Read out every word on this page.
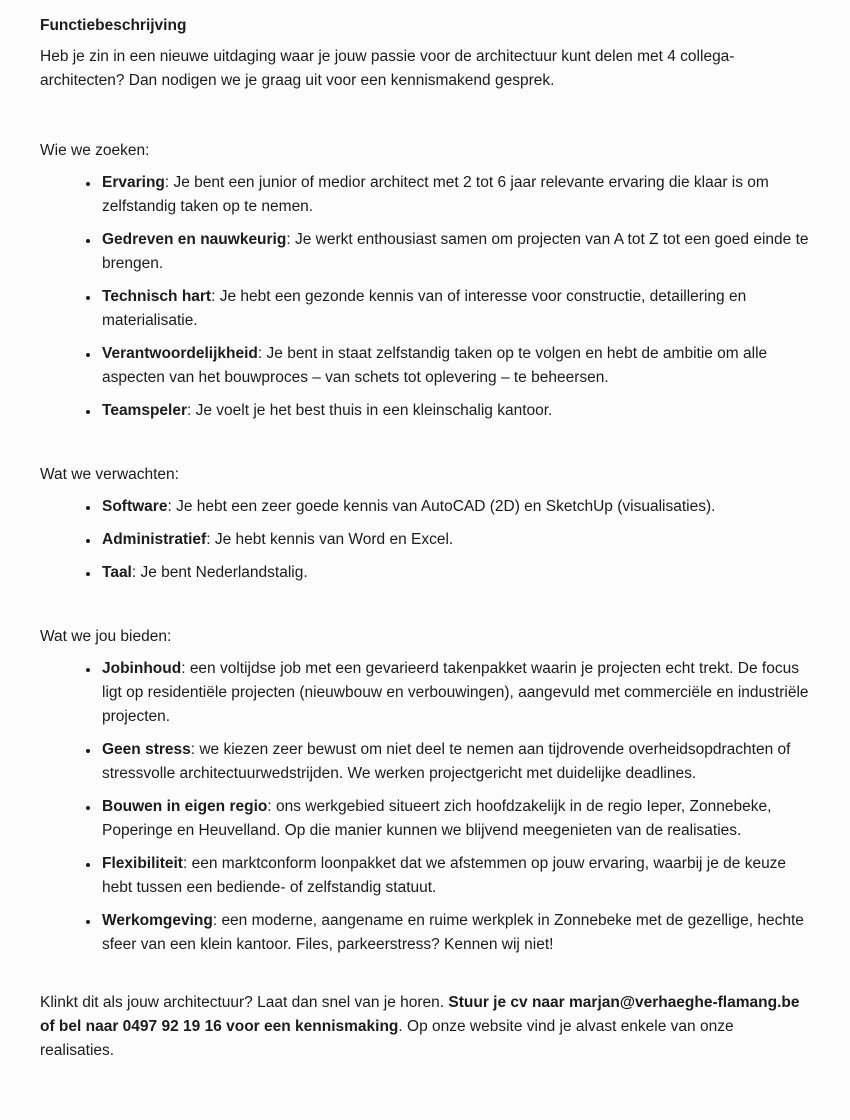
Functiebeschrijving

Heb je zin in een nieuwe uitdaging waar je jouw passie voor de architectuur kunt delen met 4 collega-architecten? Dan nodigen we je graag uit voor een kennismakend gesprek.

Wie we zoeken:
• Ervaring: Je bent een junior of medior architect met 2 tot 6 jaar relevante ervaring die klaar is om zelfstandig taken op te nemen.
• Gedreven en nauwkeurig: Je werkt enthousiast samen om projecten van A tot Z tot een goed einde te brengen.
• Technisch hart: Je hebt een gezonde kennis van of interesse voor constructie, detaillering en materialisatie.
• Verantwoordelijkheid: Je bent in staat zelfstandig taken op te volgen en hebt de ambitie om alle aspecten van het bouwproces – van schets tot oplevering – te beheersen.
• Teamspeler: Je voelt je het best thuis in een kleinschalig kantoor.
Wat we verwachten:
• Software: Je hebt een zeer goede kennis van AutoCAD (2D) en SketchUp (visualisaties).
• Administratief: Je hebt kennis van Word en Excel.
• Taal: Je bent Nederlandstalig.
Wat we jou bieden:
• Jobinhoud: een voltijdse job met een gevarieerd takenpakket waarin je projecten echt trekt. De focus ligt op residentiële projecten (nieuwbouw en verbouwingen), aangevuld met commerciële en industriële projecten.
• Geen stress: we kiezen zeer bewust om niet deel te nemen aan tijdrovende overheidsopdrachten of stressvolle architectuurwedstrijden. We werken projectgericht met duidelijke deadlines.
• Bouwen in eigen regio: ons werkgebied situeert zich hoofdzakelijk in de regio Ieper, Zonnebeke, Poperinge en Heuvelland. Op die manier kunnen we blijvend meegenieten van de realisaties.
• Flexibiliteit: een marktconform loonpakket dat we afstemmen op jouw ervaring, waarbij je de keuze hebt tussen een bediende- of zelfstandig statuut.
• Werkomgeving: een moderne, aangename en ruime werkplek in Zonnebeke met de gezellige, hechte sfeer van een klein kantoor. Files, parkeerstress? Kennen wij niet!

Klinkt dit als jouw architectuur? Laat dan snel van je horen. Stuur je cv naar marjan@verhaeghe-flamang.be of bel naar 0497 92 19 16 voor een kennismaking. Op onze website vind je alvast enkele van onze realisaties.
